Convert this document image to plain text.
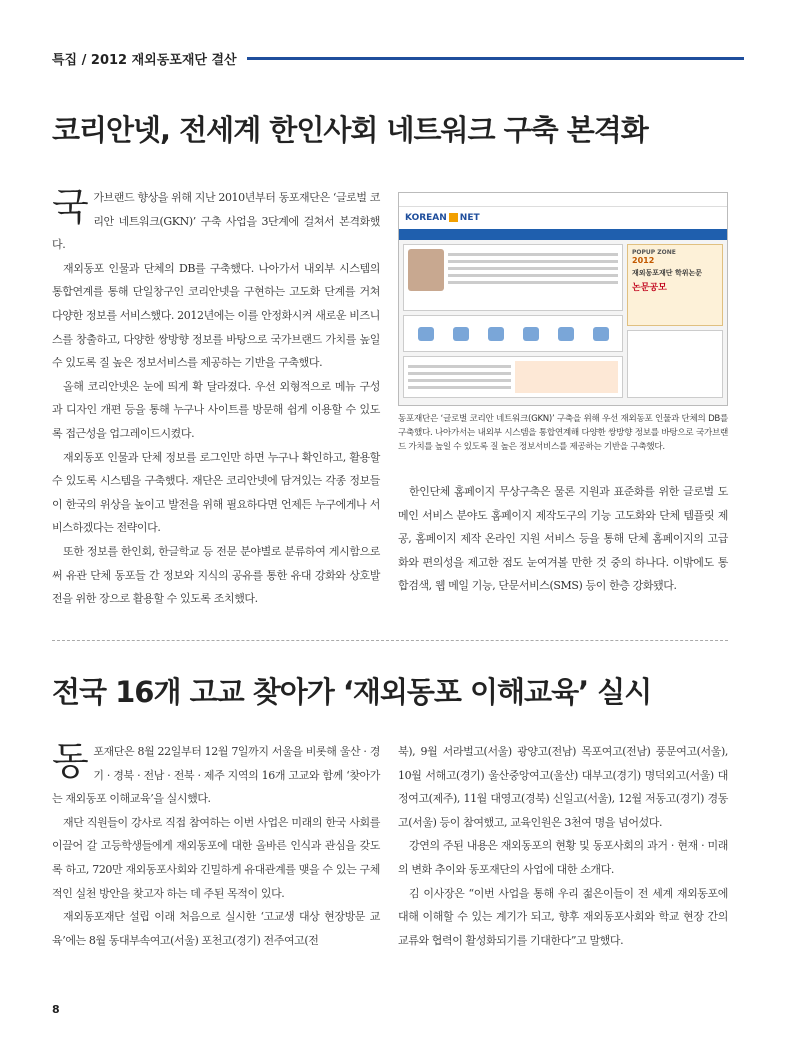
특집 / 2012 재외동포재단 결산
코리안넷, 전세계 한인사회 네트워크 구축 본격화

국가브랜드 향상을 위해 지난 2010년부터 동포재단은 ‘글로벌 코리안 네트워크(GKN)’ 구축 사업을 3단계에 걸쳐서 본격화했다.

재외동포 인물과 단체의 DB를 구축했다. 나아가서 내외부 시스템의 통합연계를 통해 단일창구인 코리안넷을 구현하는 고도화 단계를 거쳐 다양한 정보를 서비스했다. 2012년에는 이를 안정화시켜 새로운 비즈니스를 창출하고, 다양한 쌍방향 정보를 바탕으로 국가브랜드 가치를 높일 수 있도록 질 높은 정보서비스를 제공하는 기반을 구축했다.

올해 코리안넷은 눈에 띄게 확 달라졌다. 우선 외형적으로 메뉴 구성과 디자인 개편 등을 통해 누구나 사이트를 방문해 쉽게 이용할 수 있도록 접근성을 업그레이드시켰다.

재외동포 인물과 단체 정보를 로그인만 하면 누구나 확인하고, 활용할 수 있도록 시스템을 구축했다. 재단은 코리안넷에 담겨있는 각종 정보들이 한국의 위상을 높이고 발전을 위해 필요하다면 언제든 누구에게나 서비스하겠다는 전략이다.

또한 정보를 한인회, 한글학교 등 전문 분야별로 분류하여 게시함으로써 유관 단체 동포들 간 정보와 지식의 공유를 통한 유대 강화와 상호발전을 위한 장으로 활용할 수 있도록 조치했다.

KOREAN NET
POPUP ZONE
2012
재외동포재단 학위논문
논문공모
동포재단은 ‘글로벌 코리안 네트워크(GKN)’ 구축을 위해 우선 재외동포 인물과 단체의 DB를 구축했다. 나아가서는 내외부 시스템을 통합연계해 다양한 쌍방향 정보를 바탕으로 국가브랜드 가치를 높일 수 있도록 질 높은 정보서비스를 제공하는 기반을 구축했다.

한인단체 홈페이지 무상구축은 물론 지원과 표준화를 위한 글로벌 도메인 서비스 분야도 홈페이지 제작도구의 기능 고도화와 단체 템플릿 제공, 홈페이지 제작 온라인 지원 서비스 등을 통해 단체 홈페이지의 고급화와 편의성을 제고한 점도 눈여겨볼 만한 것 중의 하나다. 이밖에도 통합검색, 웹 메일 기능, 단문서비스(SMS) 등이 한층 강화됐다.

전국 16개 고교 찾아가 ‘재외동포 이해교육’ 실시

동포재단은 8월 22일부터 12월 7일까지 서울을 비롯해 울산 · 경기 · 경북 · 전남 · 전북 · 제주 지역의 16개 고교와 함께 ‘찾아가는 재외동포 이해교육’을 실시했다.

재단 직원들이 강사로 직접 참여하는 이번 사업은 미래의 한국 사회를 이끌어 갈 고등학생들에게 재외동포에 대한 올바른 인식과 관심을 갖도록 하고, 720만 재외동포사회와 긴밀하게 유대관계를 맺을 수 있는 구체적인 실천 방안을 찾고자 하는 데 주된 목적이 있다.

재외동포재단 설립 이래 처음으로 실시한 ‘고교생 대상 현장방문 교육’에는 8월 동대부속여고(서울) 포천고(경기) 전주여고(전

북), 9월 서라벌고(서울) 광양고(전남) 목포여고(전남) 풍문여고(서울), 10월 서해고(경기) 울산중앙여고(울산) 대부고(경기) 명덕외고(서울) 대정여고(제주), 11월 대영고(경북) 신일고(서울), 12월 저동고(경기) 경동고(서울) 등이 참여했고, 교육인원은 3천여 명을 넘어섰다.

강연의 주된 내용은 재외동포의 현황 및 동포사회의 과거 · 현재 · 미래의 변화 추이와 동포재단의 사업에 대한 소개다.

김 이사장은 “이번 사업을 통해 우리 젊은이들이 전 세계 재외동포에 대해 이해할 수 있는 계기가 되고, 향후 재외동포사회와 학교 현장 간의 교류와 협력이 활성화되기를 기대한다”고 말했다.

8
